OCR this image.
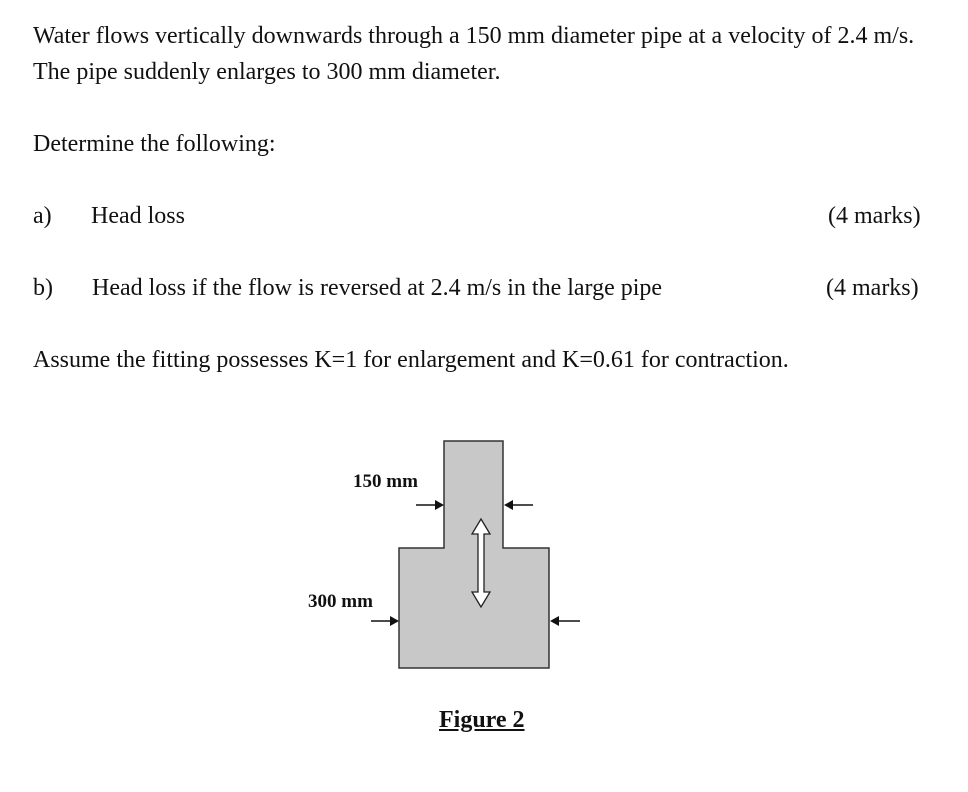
Water flows vertically downwards through a 150 mm diameter pipe at a velocity of 2.4 m/s. The pipe suddenly enlarges to 300 mm diameter.

Determine the following:

a) Head loss	(4 marks)
b) Head loss if the flow is reversed at 2.4 m/s in the large pipe	(4 marks)

Assume the fitting possesses K=1 for enlargement and K=0.61 for contraction.

150 mm
300 mm
Figure 2
